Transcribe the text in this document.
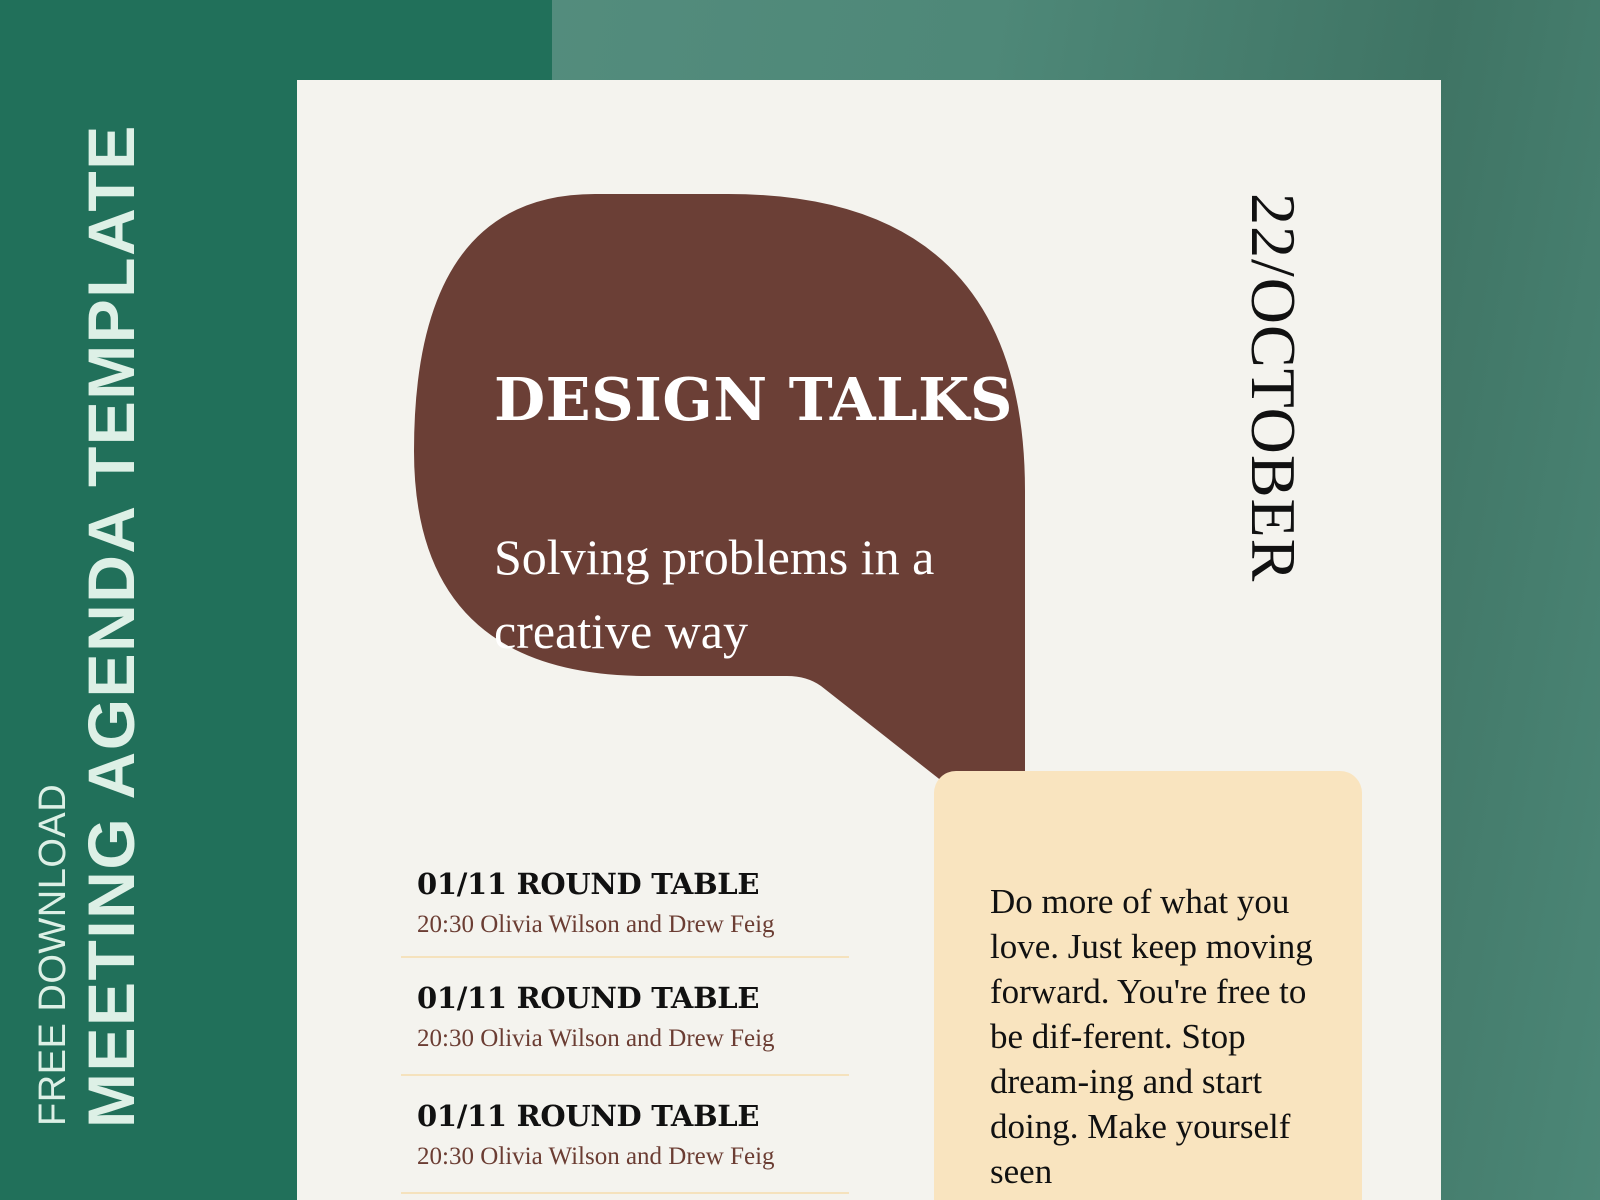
FREE DOWNLOAD MEETING AGENDA TEMPLATE	DESIGN TALKS

Solving problems in a creative way

22/OCTOBER
01/11 ROUND TABLE
20:30 Olivia Wilson and Drew Feig
01/11 ROUND TABLE
20:30 Olivia Wilson and Drew Feig
01/11 ROUND TABLE
20:30 Olivia Wilson and Drew Feig

Do more of what you love. Just keep moving forward. You're free to be dif-ferent. Stop dream-ing and start doing. Make yourself seen
